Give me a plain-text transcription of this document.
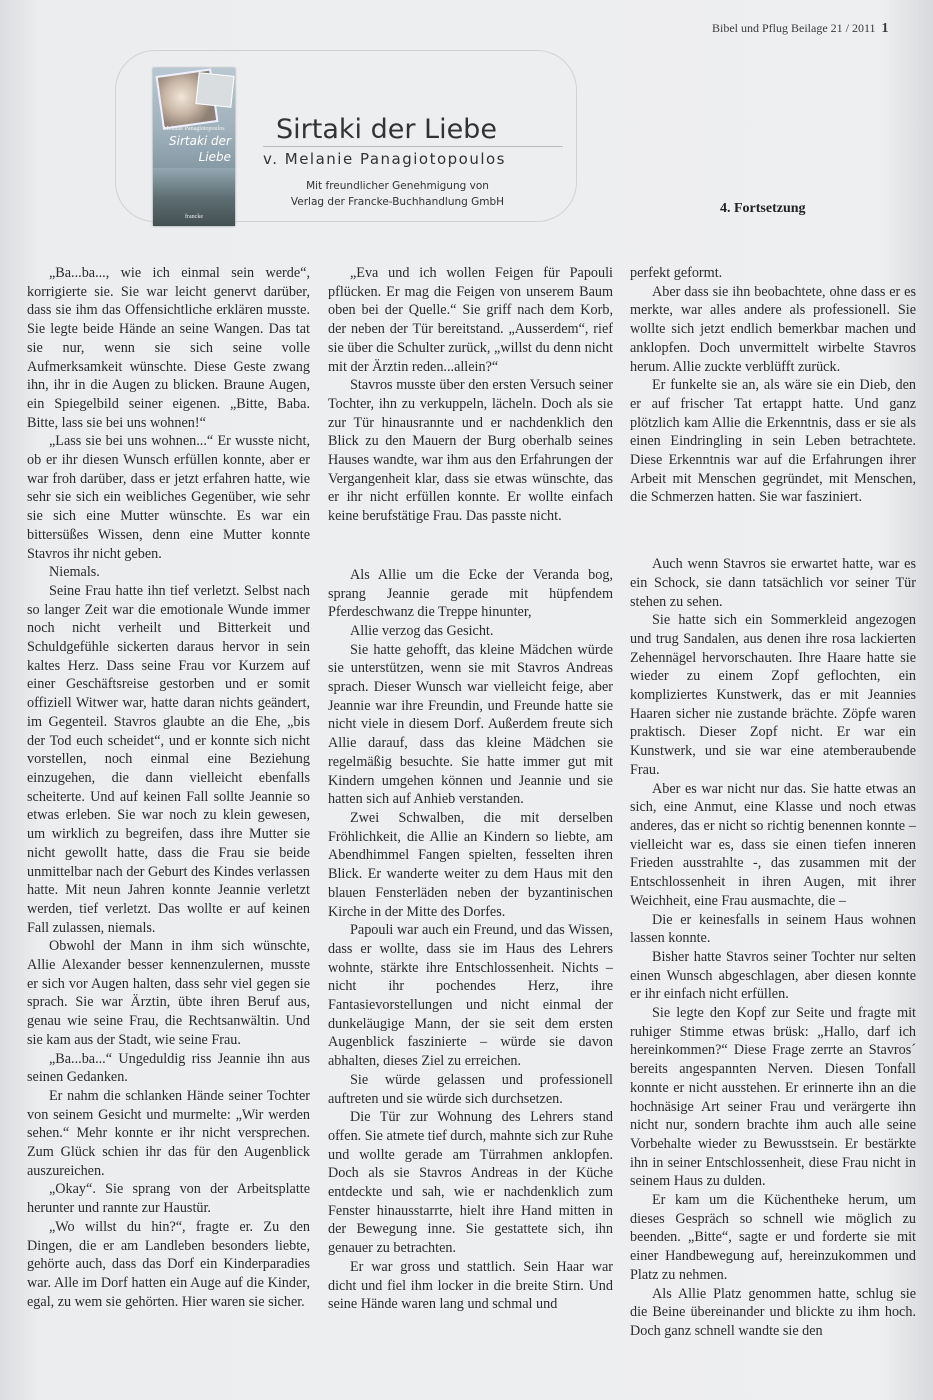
Bibel und Pflug Beilage 21 / 2011 1
Melanie Panagiotopoulos
Sirtaki der
Liebe
francke
Sirtaki der Liebe
v. Melanie Panagiotopoulos
Mit freundlicher Genehmigung von
Verlag der Francke-Buchhandlung GmbH	4. Fortsetzung

„Ba...ba..., wie ich einmal sein werde“, korrigierte sie. Sie war leicht genervt darüber, dass sie ihm das Offensichtliche erklären musste. Sie legte beide Hände an seine Wangen. Das tat sie nur, wenn sie sich seine volle Aufmerksamkeit wünschte. Diese Geste zwang ihn, ihr in die Augen zu blicken. Braune Augen, ein Spiegelbild seiner eigenen. „Bitte, Baba. Bitte, lass sie bei uns wohnen!“

„Lass sie bei uns wohnen...“ Er wusste nicht, ob er ihr diesen Wunsch erfüllen konnte, aber er war froh darüber, dass er jetzt erfahren hatte, wie sehr sie sich ein weibliches Gegenüber, wie sehr sie sich eine Mutter wünschte. Es war ein bittersüßes Wissen, denn eine Mutter konnte Stavros ihr nicht geben.

Niemals.

Seine Frau hatte ihn tief verletzt. Selbst nach so langer Zeit war die emotionale Wunde immer noch nicht verheilt und Bitterkeit und Schuldgefühle sickerten daraus hervor in sein kaltes Herz. Dass seine Frau vor Kurzem auf einer Geschäftsreise gestorben und er somit offiziell Witwer war, hatte daran nichts geändert, im Gegenteil. Stavros glaubte an die Ehe, „bis der Tod euch scheidet“, und er konnte sich nicht vorstellen, noch einmal eine Beziehung einzugehen, die dann vielleicht ebenfalls scheiterte. Und auf keinen Fall sollte Jeannie so etwas erleben. Sie war noch zu klein gewesen, um wirklich zu begreifen, dass ihre Mutter sie nicht gewollt hatte, dass die Frau sie beide unmittelbar nach der Geburt des Kindes verlassen hatte. Mit neun Jahren konnte Jeannie verletzt werden, tief verletzt. Das wollte er auf keinen Fall zulassen, niemals.

Obwohl der Mann in ihm sich wünschte, Allie Alexander besser kennenzulernen, musste er sich vor Augen halten, dass sehr viel gegen sie sprach. Sie war Ärztin, übte ihren Beruf aus, genau wie seine Frau, die Rechtsanwältin. Und sie kam aus der Stadt, wie seine Frau.

„Ba...ba...“ Ungeduldig riss Jeannie ihn aus seinen Gedanken.

Er nahm die schlanken Hände seiner Tochter von seinem Gesicht und murmelte: „Wir werden sehen.“ Mehr konnte er ihr nicht versprechen. Zum Glück schien ihr das für den Augenblick auszureichen.

„Okay“. Sie sprang von der Arbeitsplatte herunter und rannte zur Haustür.

„Wo willst du hin?“, fragte er. Zu den Dingen, die er am Landleben besonders liebte, gehörte auch, dass das Dorf ein Kinderparadies war. Alle im Dorf hatten ein Auge auf die Kinder, egal, zu wem sie gehörten. Hier waren sie sicher.

„Eva und ich wollen Feigen für Papouli pflücken. Er mag die Feigen von unserem Baum oben bei der Quelle.“ Sie griff nach dem Korb, der neben der Tür bereitstand. „Ausserdem“, rief sie über die Schulter zurück, „willst du denn nicht mit der Ärztin reden...allein?“

Stavros musste über den ersten Versuch seiner Tochter, ihn zu verkuppeln, lächeln. Doch als sie zur Tür hinausrannte und er nachdenklich den Blick zu den Mauern der Burg oberhalb seines Hauses wandte, war ihm aus den Erfahrungen der Vergangenheit klar, dass sie etwas wünschte, das er ihr nicht erfüllen konnte. Er wollte einfach keine berufstätige Frau. Das passte nicht.

Als Allie um die Ecke der Veranda bog, sprang Jeannie gerade mit hüpfendem Pferdeschwanz die Treppe hinunter,

Allie verzog das Gesicht.

Sie hatte gehofft, das kleine Mädchen würde sie unterstützen, wenn sie mit Stavros Andreas sprach. Dieser Wunsch war vielleicht feige, aber Jeannie war ihre Freundin, und Freunde hatte sie nicht viele in diesem Dorf. Außerdem freute sich Allie darauf, dass das kleine Mädchen sie regelmäßig besuchte. Sie hatte immer gut mit Kindern umgehen können und Jeannie und sie hatten sich auf Anhieb verstanden.

Zwei Schwalben, die mit derselben Fröhlichkeit, die Allie an Kindern so liebte, am Abendhimmel Fangen spielten, fesselten ihren Blick. Er wanderte weiter zu dem Haus mit den blauen Fensterläden neben der byzantinischen Kirche in der Mitte des Dorfes.

Papouli war auch ein Freund, und das Wissen, dass er wollte, dass sie im Haus des Lehrers wohnte, stärkte ihre Entschlossenheit. Nichts – nicht ihr pochendes Herz, ihre Fantasievorstellungen und nicht einmal der dunkeläugige Mann, der sie seit dem ersten Augenblick faszinierte – würde sie davon abhalten, dieses Ziel zu erreichen.

Sie würde gelassen und professionell auftreten und sie würde sich durchsetzen.

Die Tür zur Wohnung des Lehrers stand offen. Sie atmete tief durch, mahnte sich zur Ruhe und wollte gerade am Türrahmen anklopfen. Doch als sie Stavros Andreas in der Küche entdeckte und sah, wie er nachdenklich zum Fenster hinausstarrte, hielt ihre Hand mitten in der Bewegung inne. Sie gestattete sich, ihn genauer zu betrachten.

Er war gross und stattlich. Sein Haar war dicht und fiel ihm locker in die breite Stirn. Und seine Hände waren lang und schmal und

perfekt geformt.

Aber dass sie ihn beobachtete, ohne dass er es merkte, war alles andere als professionell. Sie wollte sich jetzt endlich bemerkbar machen und anklopfen. Doch unvermittelt wirbelte Stavros herum. Allie zuckte verblüfft zurück.

Er funkelte sie an, als wäre sie ein Dieb, den er auf frischer Tat ertappt hatte. Und ganz plötzlich kam Allie die Erkenntnis, dass er sie als einen Eindringling in sein Leben betrachtete. Diese Erkenntnis war auf die Erfahrungen ihrer Arbeit mit Menschen gegründet, mit Menschen, die Schmerzen hatten. Sie war fasziniert.

Auch wenn Stavros sie erwartet hatte, war es ein Schock, sie dann tatsächlich vor seiner Tür stehen zu sehen.

Sie hatte sich ein Sommerkleid angezogen und trug Sandalen, aus denen ihre rosa lackierten Zehennägel hervorschauten. Ihre Haare hatte sie wieder zu einem Zopf geflochten, ein kompliziertes Kunstwerk, das er mit Jeannies Haaren sicher nie zustande brächte. Zöpfe waren praktisch. Dieser Zopf nicht. Er war ein Kunstwerk, und sie war eine atemberaubende Frau.

Aber es war nicht nur das. Sie hatte etwas an sich, eine Anmut, eine Klasse und noch etwas anderes, das er nicht so richtig benennen konnte – vielleicht war es, dass sie einen tiefen inneren Frieden ausstrahlte -, das zusammen mit der Entschlossenheit in ihren Augen, mit ihrer Weichheit, eine Frau ausmachte, die –

Die er keinesfalls in seinem Haus wohnen lassen konnte.

Bisher hatte Stavros seiner Tochter nur selten einen Wunsch abgeschlagen, aber diesen konnte er ihr einfach nicht erfüllen.

Sie legte den Kopf zur Seite und fragte mit ruhiger Stimme etwas brüsk: „Hallo, darf ich hereinkommen?“ Diese Frage zerrte an Stavros´ bereits angespannten Nerven. Diesen Tonfall konnte er nicht ausstehen. Er erinnerte ihn an die hochnäsige Art seiner Frau und verärgerte ihn nicht nur, sondern brachte ihm auch alle seine Vorbehalte wieder zu Bewusstsein. Er bestärkte ihn in seiner Entschlossenheit, diese Frau nicht in seinem Haus zu dulden.

Er kam um die Küchentheke herum, um dieses Gespräch so schnell wie möglich zu beenden. „Bitte“, sagte er und forderte sie mit einer Handbewegung auf, hereinzukommen und Platz zu nehmen.

Als Allie Platz genommen hatte, schlug sie die Beine übereinander und blickte zu ihm hoch. Doch ganz schnell wandte sie den
